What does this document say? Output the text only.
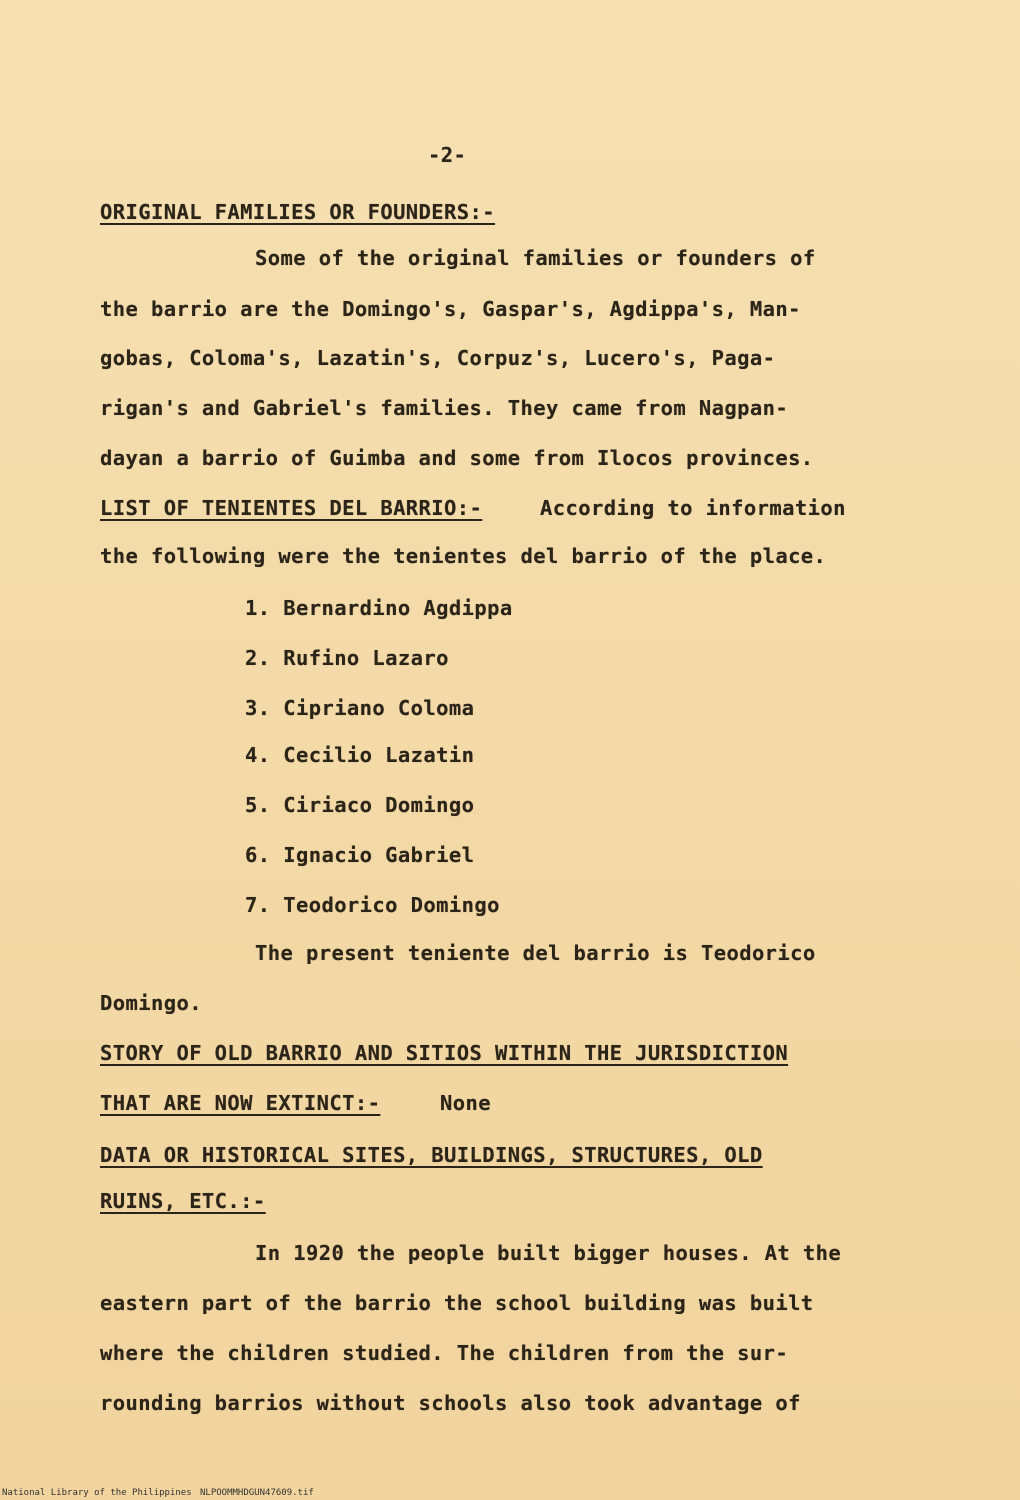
-2-
ORIGINAL FAMILIES OR FOUNDERS:-
Some of the original families or founders of
the barrio are the Domingo's, Gaspar's, Agdippa's, Man-
gobas, Coloma's, Lazatin's, Corpuz's, Lucero's, Paga-
rigan's and Gabriel's families. They came from Nagpan-
dayan a barrio of Guimba and some from Ilocos provinces.
LIST OF TENIENTES DEL BARRIO:-	According to information
the following were the tenientes del barrio of the place.
1. Bernardino Agdippa
2. Rufino Lazaro
3. Cipriano Coloma
4. Cecilio Lazatin
5. Ciriaco Domingo
6. Ignacio Gabriel
7. Teodorico Domingo
The present teniente del barrio is Teodorico
Domingo.
STORY OF OLD BARRIO AND SITIOS WITHIN THE JURISDICTION
THAT ARE NOW EXTINCT:-	None
DATA OR HISTORICAL SITES, BUILDINGS, STRUCTURES, OLD
RUINS, ETC.:-
In 1920 the people built bigger houses. At the
eastern part of the barrio the school building was built
where the children studied. The children from the sur-
rounding barrios without schools also took advantage of
National Library of the Philippines NLPOOMMHDGUN47609.tif
